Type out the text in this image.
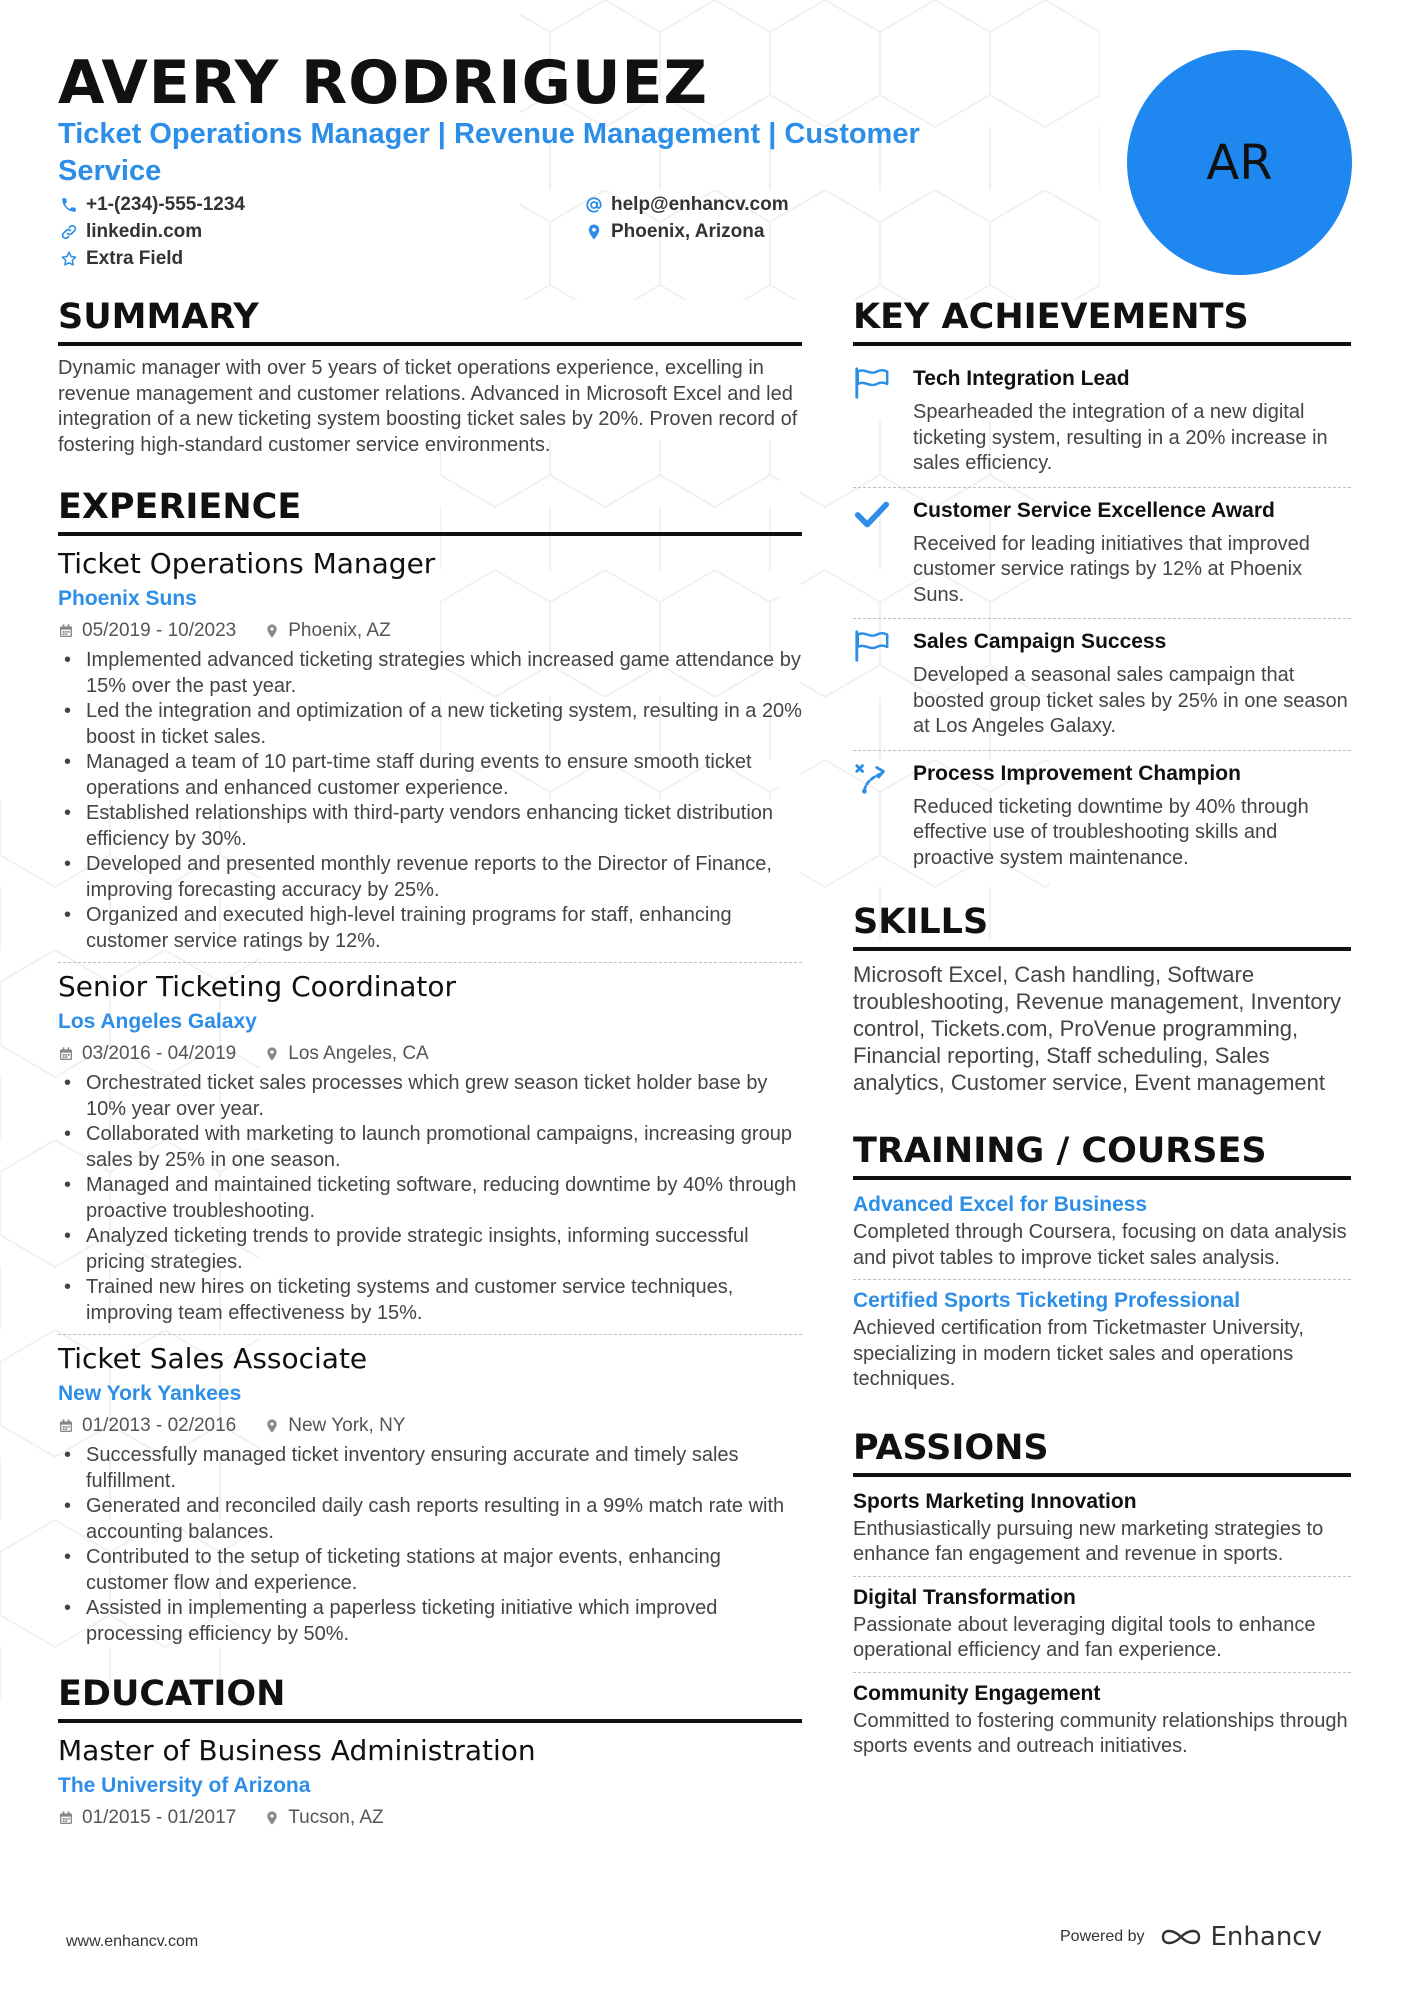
AVERY RODRIGUEZ
Ticket Operations Manager | Revenue Management | Customer Service
+1-(234)-555-1234	help@enhancv.com
linkedin.com	Phoenix, Arizona
Extra Field
AR
SUMMARY
Dynamic manager with over 5 years of ticket operations experience, excelling in revenue management and customer relations. Advanced in Microsoft Excel and led integration of a new ticketing system boosting ticket sales by 20%. Proven record of fostering high-standard customer service environments.
EXPERIENCE
Ticket Operations Manager
Phoenix Suns
05/2019 - 10/2023	Phoenix, AZ
• Implemented advanced ticketing strategies which increased game attendance by 15% over the past year.
• Led the integration and optimization of a new ticketing system, resulting in a 20% boost in ticket sales.
• Managed a team of 10 part-time staff during events to ensure smooth ticket operations and enhanced customer experience.
• Established relationships with third-party vendors enhancing ticket distribution efficiency by 30%.
• Developed and presented monthly revenue reports to the Director of Finance, improving forecasting accuracy by 25%.
• Organized and executed high-level training programs for staff, enhancing customer service ratings by 12%.
Senior Ticketing Coordinator
Los Angeles Galaxy
03/2016 - 04/2019	Los Angeles, CA
• Orchestrated ticket sales processes which grew season ticket holder base by 10% year over year.
• Collaborated with marketing to launch promotional campaigns, increasing group sales by 25% in one season.
• Managed and maintained ticketing software, reducing downtime by 40% through proactive troubleshooting.
• Analyzed ticketing trends to provide strategic insights, informing successful pricing strategies.
• Trained new hires on ticketing systems and customer service techniques, improving team effectiveness by 15%.
Ticket Sales Associate
New York Yankees
01/2013 - 02/2016	New York, NY
• Successfully managed ticket inventory ensuring accurate and timely sales fulfillment.
• Generated and reconciled daily cash reports resulting in a 99% match rate with accounting balances.
• Contributed to the setup of ticketing stations at major events, enhancing customer flow and experience.
• Assisted in implementing a paperless ticketing initiative which improved processing efficiency by 50%.
EDUCATION
Master of Business Administration
The University of Arizona
01/2015 - 01/2017	Tucson, AZ
KEY ACHIEVEMENTS
Tech Integration Lead
Spearheaded the integration of a new digital ticketing system, resulting in a 20% increase in sales efficiency.
Customer Service Excellence Award
Received for leading initiatives that improved customer service ratings by 12% at Phoenix Suns.
Sales Campaign Success
Developed a seasonal sales campaign that boosted group ticket sales by 25% in one season at Los Angeles Galaxy.
Process Improvement Champion
Reduced ticketing downtime by 40% through effective use of troubleshooting skills and proactive system maintenance.
SKILLS
Microsoft Excel, Cash handling, Software troubleshooting, Revenue management, Inventory control, Tickets.com, ProVenue programming, Financial reporting, Staff scheduling, Sales analytics, Customer service, Event management
TRAINING / COURSES
Advanced Excel for Business
Completed through Coursera, focusing on data analysis and pivot tables to improve ticket sales analysis.
Certified Sports Ticketing Professional
Achieved certification from Ticketmaster University, specializing in modern ticket sales and operations techniques.
PASSIONS
Sports Marketing Innovation
Enthusiastically pursuing new marketing strategies to enhance fan engagement and revenue in sports.
Digital Transformation
Passionate about leveraging digital tools to enhance operational efficiency and fan experience.
Community Engagement
Committed to fostering community relationships through sports events and outreach initiatives.
www.enhancv.com	Powered by	Enhancv
